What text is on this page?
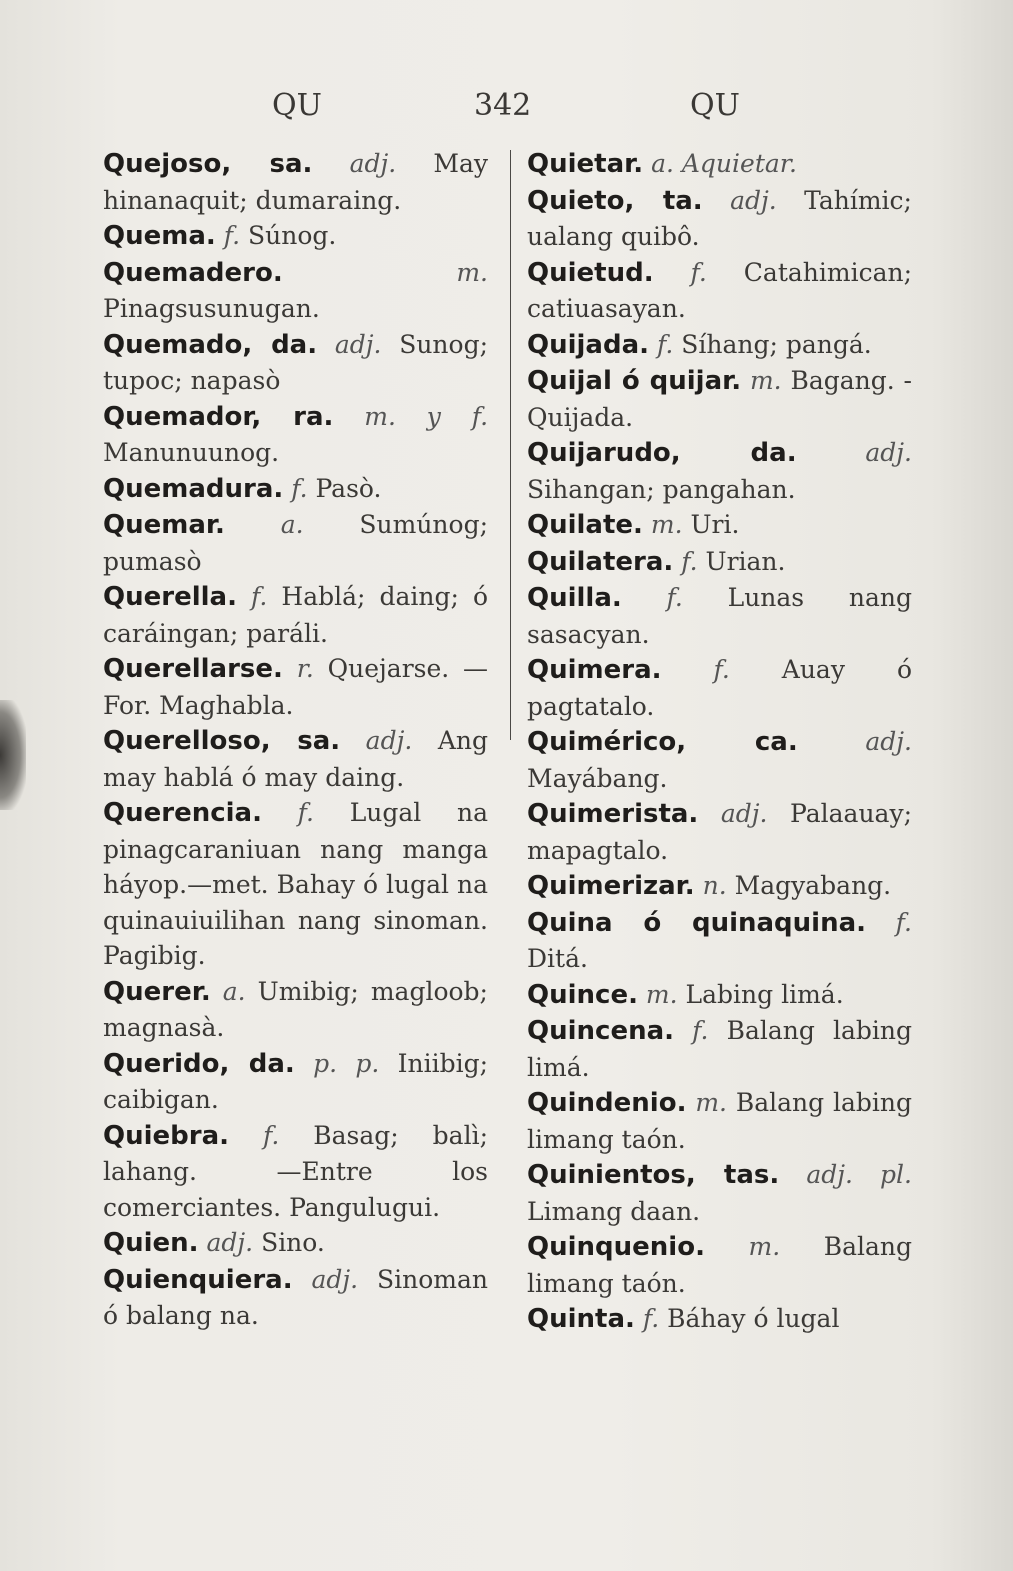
QU	342	QU

Quejoso, sa. adj. May hinanaquit; dumaraing.

Quema. f. Súnog.

Quemadero.	m. Pinagsusunugan.

Quemado, da. adj. Sunog; tupoc; napasò

Quemador, ra. m. y f. Manunuunog.

Quemadura. f. Pasò.

Quemar. a. Sumúnog; pumasò

Querella. f. Hablá; daing; ó caráingan; paráli.

Querellarse. r. Quejarse. — For. Maghabla.

Querelloso, sa. adj. Ang may hablá ó may daing.

Querencia. f. Lugal na pinagcaraniuan nang manga háyop.—met. Bahay ó lugal na quinauiuilihan nang sinoman. Pagibig.

Querer. a. Umibig; magloob; magnasà.

Querido, da. p. p. Iniibig; caibigan.

Quiebra. f. Basag; balì; lahang. —Entre los comerciantes. Pangulugui.

Quien. adj. Sino.

Quienquiera. adj. Sinoman ó balang na.

Quietar. a. Aquietar.

Quieto, ta. adj. Tahímic; ualang quibô.

Quietud. f. Catahimican; catiuasayan.

Quijada. f. Síhang; pangá.

Quijal ó quijar. m. Bagang. - Quijada.

Quijarudo, da.	adj. Sihangan; pangahan.

Quilate. m. Uri.

Quilatera. f. Urian.

Quilla. f. Lunas nang sasacyan.

Quimera. f. Auay ó pagtatalo.

Quimérico, ca.	adj. Mayábang.

Quimerista. adj. Palaauay; mapagtalo.

Quimerizar. n. Magyabang.

Quina ó quinaquina. f. Ditá.

Quince. m. Labing limá.

Quincena. f. Balang labing limá.

Quindenio. m. Balang labing limang taón.

Quinientos, tas. adj. pl. Limang daan.

Quinquenio. m. Balang limang taón.

Quinta. f. Báhay ó lugal
